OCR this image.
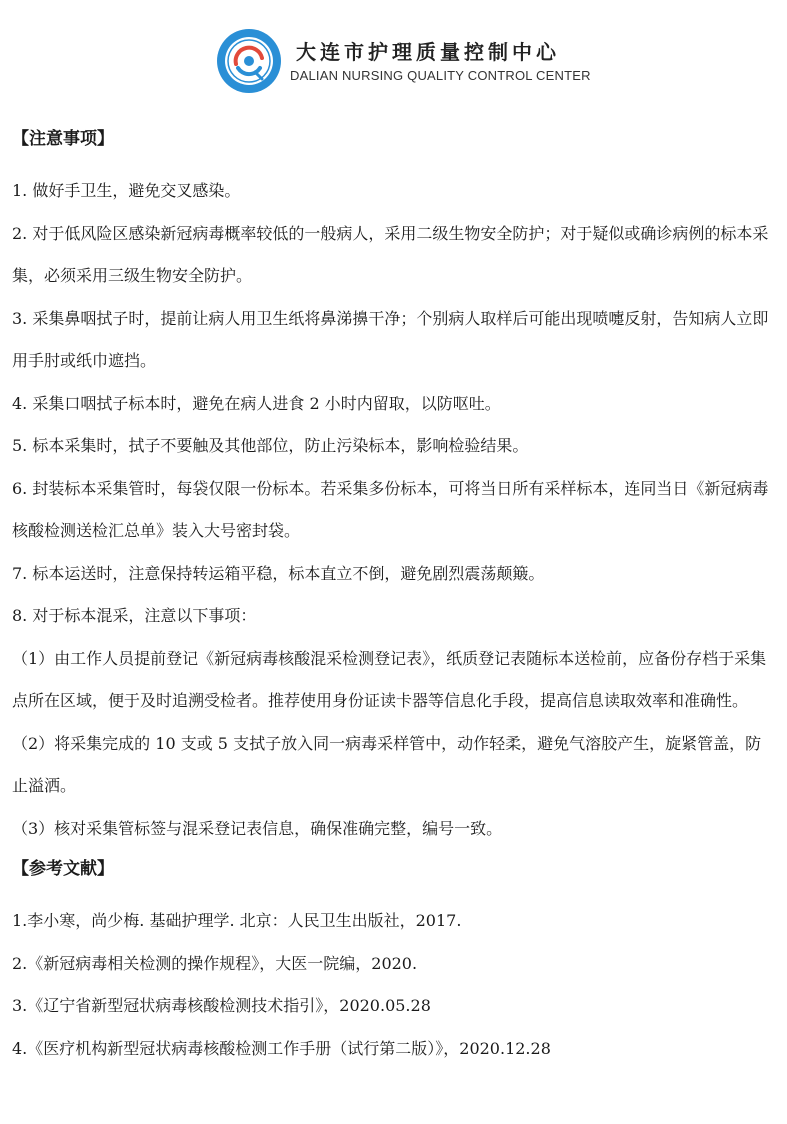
大连市护理质量控制中心
DALIAN NURSING QUALITY CONTROL CENTER
【注意事项】

1. 做好手卫生，避免交叉感染。

2. 对于低风险区感染新冠病毒概率较低的一般病人，采用二级生物安全防护；对于疑似或确诊病例的标本采集，必须采用三级生物安全防护。

3. 采集鼻咽拭子时，提前让病人用卫生纸将鼻涕擤干净；个别病人取样后可能出现喷嚏反射，告知病人立即用手肘或纸巾遮挡。

4. 采集口咽拭子标本时，避免在病人进食 2 小时内留取，以防呕吐。

5. 标本采集时，拭子不要触及其他部位，防止污染标本，影响检验结果。

6. 封装标本采集管时，每袋仅限一份标本。若采集多份标本，可将当日所有采样标本，连同当日《新冠病毒核酸检测送检汇总单》装入大号密封袋。

7. 标本运送时，注意保持转运箱平稳，标本直立不倒，避免剧烈震荡颠簸。

8. 对于标本混采，注意以下事项：

（1）由工作人员提前登记《新冠病毒核酸混采检测登记表》，纸质登记表随标本送检前，应备份存档于采集点所在区域，便于及时追溯受检者。推荐使用身份证读卡器等信息化手段，提高信息读取效率和准确性。

（2）将采集完成的 10 支或 5 支拭子放入同一病毒采样管中，动作轻柔，避免气溶胶产生，旋紧管盖，防止溢洒。

（3）核对采集管标签与混采登记表信息，确保准确完整，编号一致。

【参考文献】

1.李小寒，尚少梅. 基础护理学. 北京：人民卫生出版社，2017.

2.《新冠病毒相关检测的操作规程》，大医一院编，2020.

3.《辽宁省新型冠状病毒核酸检测技术指引》，2020.05.28

4.《医疗机构新型冠状病毒核酸检测工作手册（试行第二版）》，2020.12.28
